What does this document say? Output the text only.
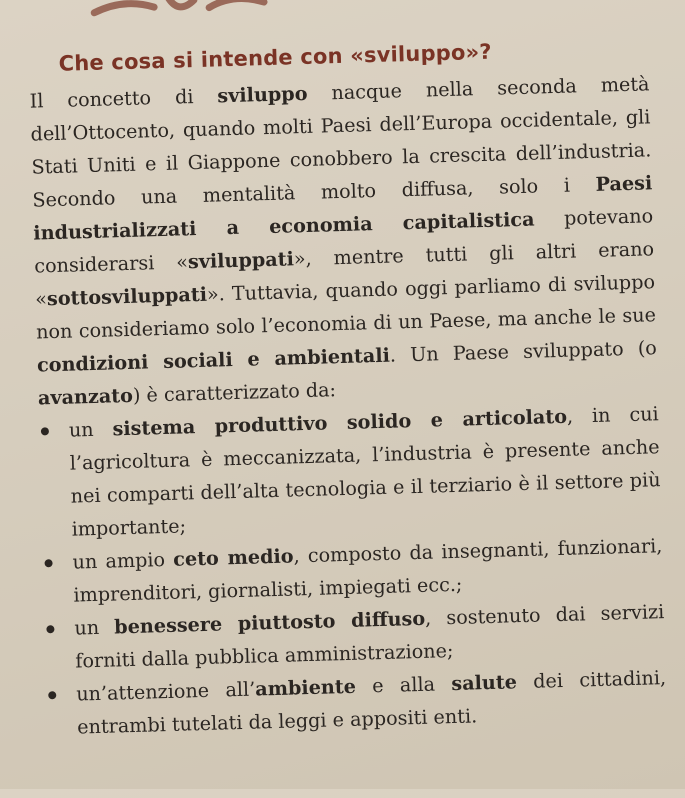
Che cosa si intende con «sviluppo»?

Il concetto di sviluppo nacque nella seconda metà dell’Ottocento, quando molti Paesi dell’Europa occidentale, gli Stati Uniti e il Giappone conobbero la crescita dell’industria. Secondo una mentalità molto diffusa, solo i Paesi industrializzati a economia capitalistica potevano considerarsi «sviluppati», mentre tutti gli altri erano «sottosviluppati». Tuttavia, quando oggi parliamo di sviluppo non consideriamo solo l’economia di un Paese, ma anche le sue condizioni sociali e ambientali. Un Paese sviluppato (o avanzato) è caratterizzato da:

un sistema produttivo solido e articolato, in cui l’agricoltura è meccanizzata, l’industria è presente anche nei comparti dell’alta tecnologia e il terziario è il settore più importante;
un ampio ceto medio, composto da insegnanti, funzionari, imprenditori, giornalisti, impiegati ecc.;
un benessere piuttosto diffuso, sostenuto dai servizi forniti dalla pubblica amministrazione;
un’attenzione all’ambiente e alla salute dei cittadini, entrambi tutelati da leggi e appositi enti.
